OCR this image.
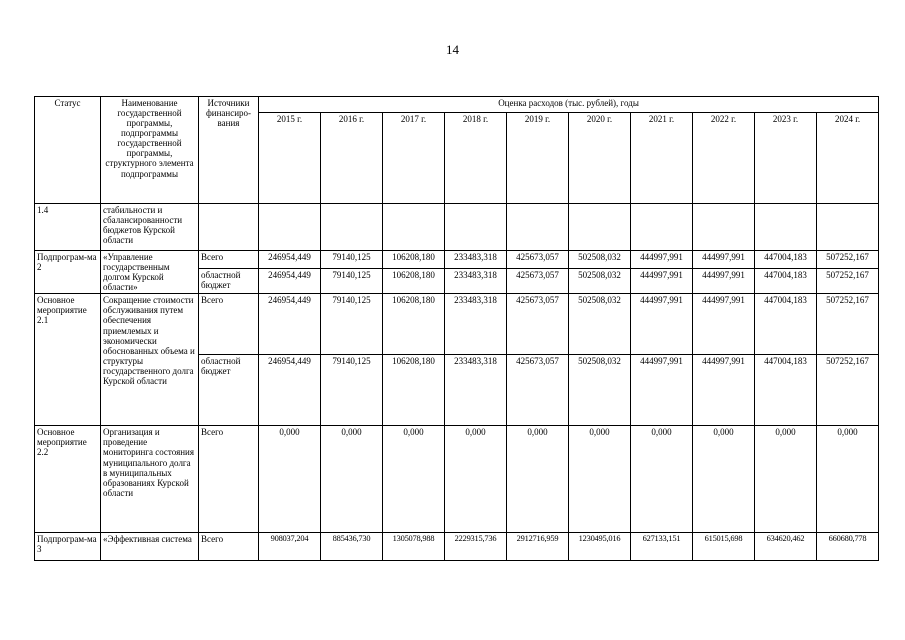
14
Статус	Наименование государственной программы, подпрограммы государственной программы, структурного элемента подпрограммы	Источники финансиро-вания	Оценка расходов (тыс. рублей), годы									
			2015 г.	2016 г.	2017 г.	2018 г.	2019 г.	2020 г.	2021 г.	2022 г.	2023 г.	2024 г.
1.4	стабильности и сбалансированности бюджетов Курской области											
Подпрограм-ма 2	«Управление государственным долгом Курской области»	Всего	246954,449	79140,125	106208,180	233483,318	425673,057	502508,032	444997,991	444997,991	447004,183	507252,167
		областной бюджет	246954,449	79140,125	106208,180	233483,318	425673,057	502508,032	444997,991	444997,991	447004,183	507252,167
Основное мероприятие 2.1	Сокращение стоимости обслуживания путем обеспечения приемлемых и экономически обоснованных объема и структуры государственного долга Курской области	Всего	246954,449	79140,125	106208,180	233483,318	425673,057	502508,032	444997,991	444997,991	447004,183	507252,167
		областной бюджет	246954,449	79140,125	106208,180	233483,318	425673,057	502508,032	444997,991	444997,991	447004,183	507252,167
Основное мероприятие 2.2	Организация и проведение мониторинга состояния муниципального долга в муниципальных образованиях Курской области	Всего	0,000	0,000	0,000	0,000	0,000	0,000	0,000	0,000	0,000	0,000
Подпрограм-ма 3	«Эффективная система	Всего	908037,204	885436,730	1305078,988	2229315,736	2912716,959	1230495,016	627133,151	615015,698	634620,462	660680,778
